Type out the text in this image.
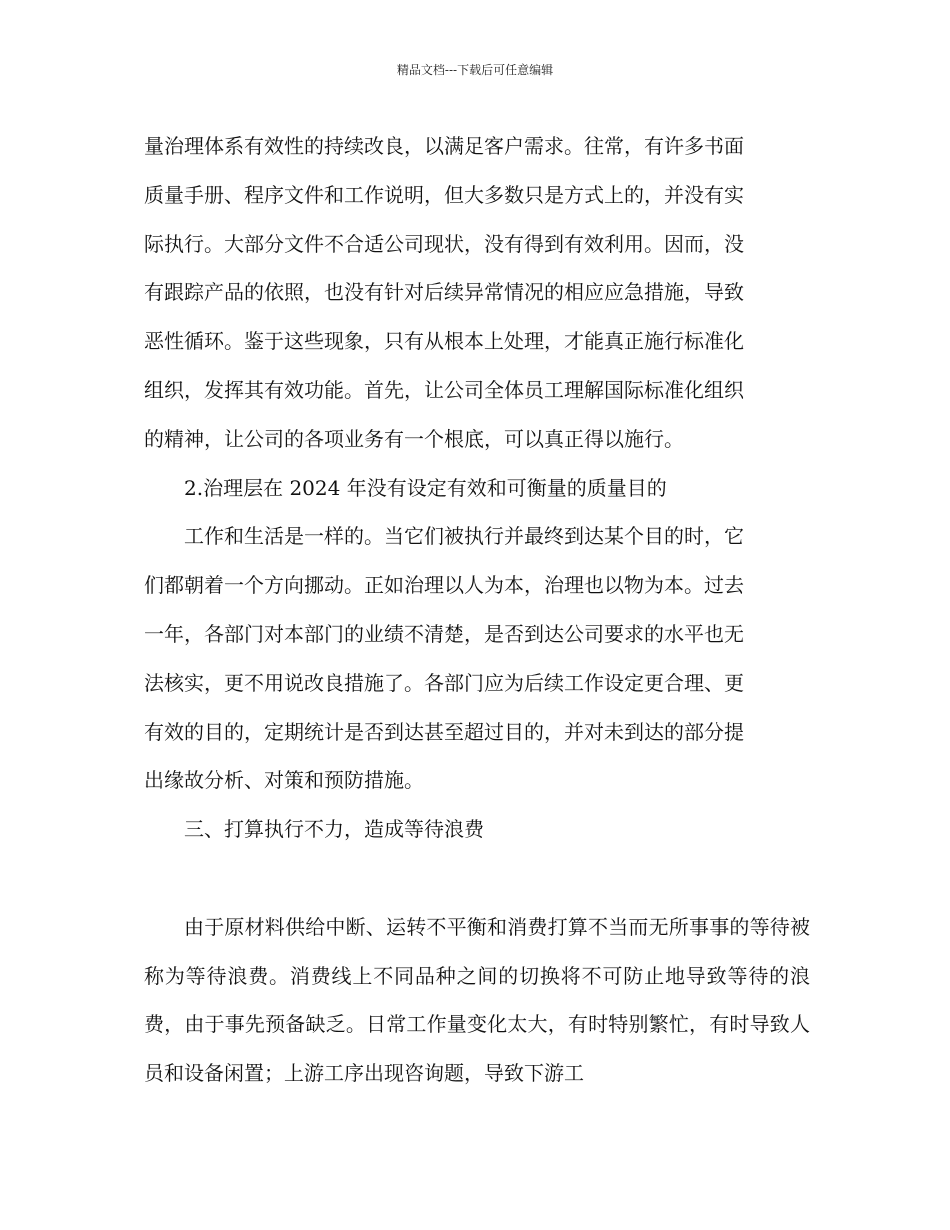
精品文档---下载后可任意编辑
量治理体系有效性的持续改良，以满足客户需求。往常，有许多书面
质量手册、程序文件和工作说明，但大多数只是方式上的，并没有实
际执行。大部分文件不合适公司现状，没有得到有效利用。因而，没
有跟踪产品的依照，也没有针对后续异常情况的相应应急措施，导致
恶性循环。鉴于这些现象，只有从根本上处理，才能真正施行标准化
组织，发挥其有效功能。首先，让公司全体员工理解国际标准化组织
的精神，让公司的各项业务有一个根底，可以真正得以施行。
　　2.治理层在 2024 年没有设定有效和可衡量的质量目的
　　工作和生活是一样的。当它们被执行并最终到达某个目的时，它
们都朝着一个方向挪动。正如治理以人为本，治理也以物为本。过去
一年，各部门对本部门的业绩不清楚，是否到达公司要求的水平也无
法核实，更不用说改良措施了。各部门应为后续工作设定更合理、更
有效的目的，定期统计是否到达甚至超过目的，并对未到达的部分提
出缘故分析、对策和预防措施。
　　三、打算执行不力，造成等待浪费

由于原材料供给中断、运转不平衡和消费打算不当而无所事事的等待被称为等待浪费。消费线上不同品种之间的切换将不可防止地导致等待的浪费，由于事先预备缺乏。日常工作量变化太大，有时特别繁忙，有时导致人员和设备闲置；上游工序出现咨询题，导致下游工
